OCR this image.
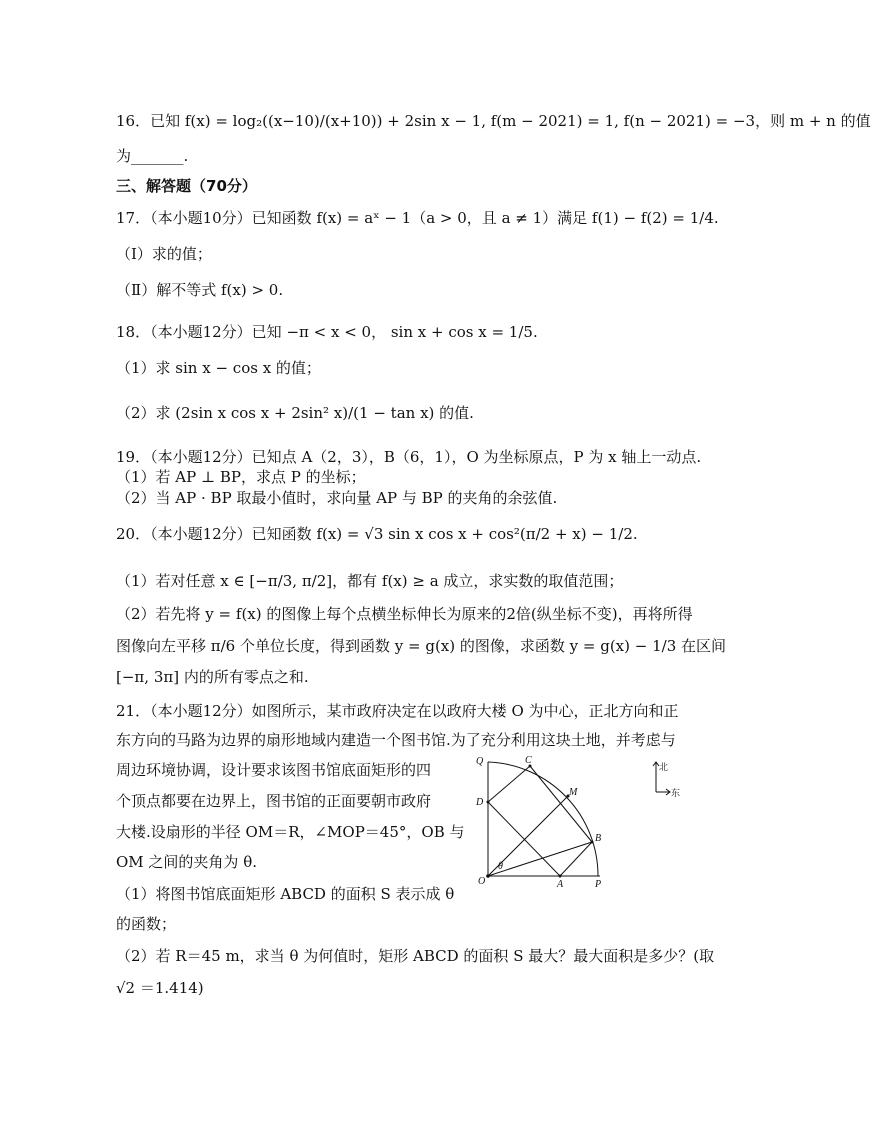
16．已知 f(x) = log₂((x−10)/(x+10)) + 2sin x − 1, f(m − 2021) = 1, f(n − 2021) = −3，则 m + n 的值
为_______.
三、解答题（70分）
17．（本小题10分）已知函数 f(x) = aˣ − 1（a > 0，且 a ≠ 1）满足 f(1) − f(2) = 1/4.
（Ⅰ）求的值；
（Ⅱ）解不等式 f(x) > 0.
18．（本小题12分）已知 −π < x < 0， sin x + cos x = 1/5.
（1）求 sin x − cos x 的值；
（2）求 (2sin x cos x + 2sin² x)/(1 − tan x) 的值.
19．（本小题12分）已知点 A（2，3），B（6，1），O 为坐标原点，P 为 x 轴上一动点.
（1）若 AP ⊥ BP，求点 P 的坐标；
（2）当 AP · BP 取最小值时，求向量 AP 与 BP 的夹角的余弦值.
20．（本小题12分）已知函数 f(x) = √3 sin x cos x + cos²(π/2 + x) − 1/2.
（1）若对任意 x ∈ [−π/3, π/2]，都有 f(x) ≥ a 成立，求实数的取值范围；
（2）若先将 y = f(x) 的图像上每个点横坐标伸长为原来的2倍(纵坐标不变)，再将所得
图像向左平移 π/6 个单位长度，得到函数 y = g(x) 的图像，求函数 y = g(x) − 1/3 在区间
[−π, 3π] 内的所有零点之和.
21．（本小题12分）如图所示，某市政府决定在以政府大楼 O 为中心，正北方向和正
东方向的马路为边界的扇形地域内建造一个图书馆.为了充分利用这块土地，并考虑与
周边环境协调，设计要求该图书馆底面矩形的四
个顶点都要在边界上，图书馆的正面要朝市政府
大楼.设扇形的半径 OM＝R，∠MOP＝45°，OB 与
OM 之间的夹角为 θ.
（1）将图书馆底面矩形 ABCD 的面积 S 表示成 θ
的函数；
（2）若 R＝45 m，求当 θ 为何值时，矩形 ABCD 的面积 S 最大？最大面积是多少？(取
√2 ＝1.414)
Q	C
M
D
B
O	A	P
θ
北
东
